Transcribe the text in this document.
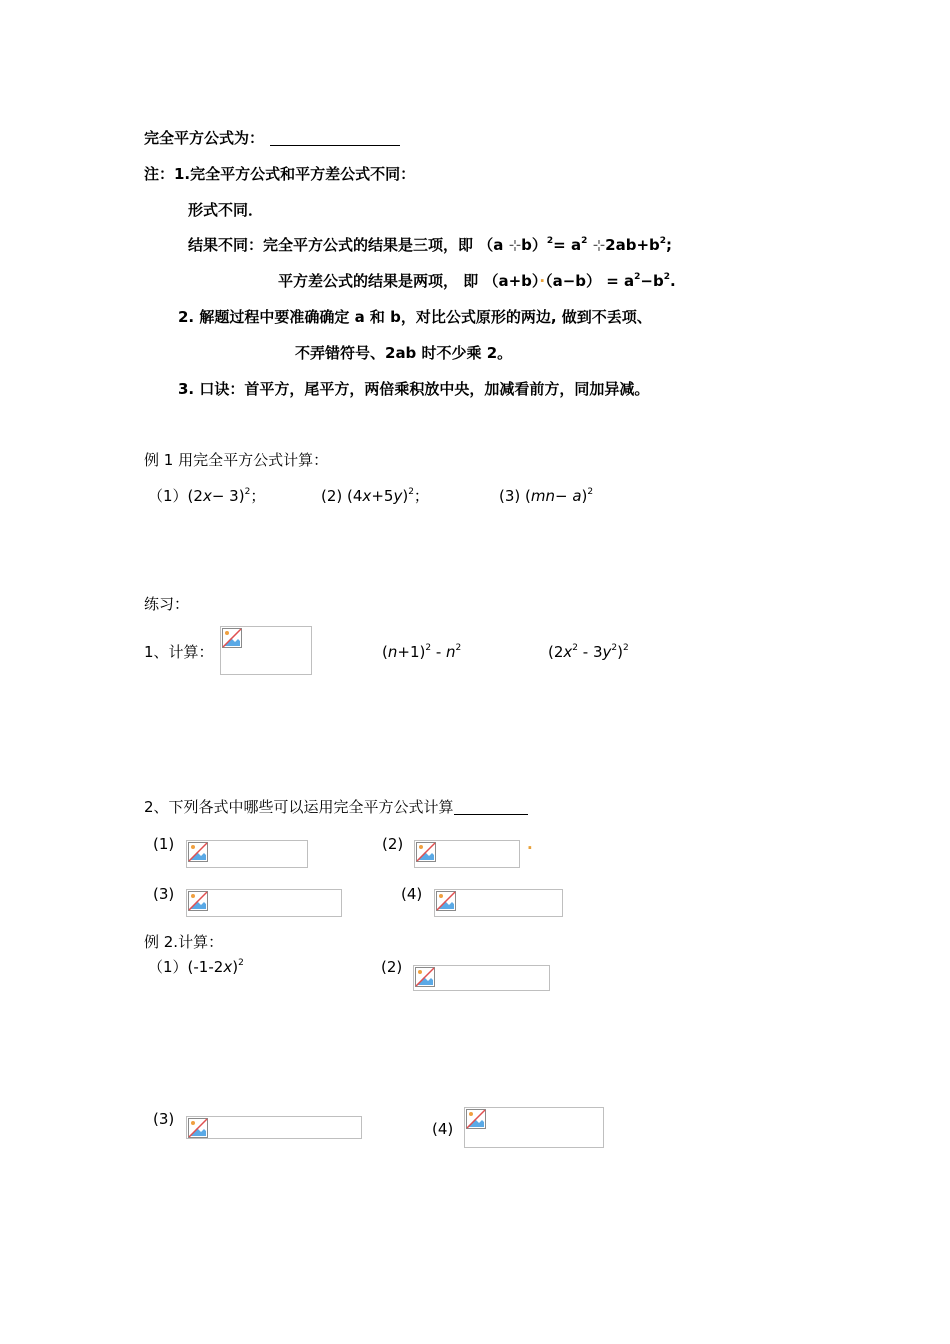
完全平方公式为：
注：1.完全平方公式和平方差公式不同：
形式不同．
结果不同：完全平方公式的结果是三项，即 （a ⊹b）$^2$= $a^2$ $⊹2ab+b^2$;
平方差公式的结果是两项， 即 $(a+b)\cdot(a-b) = a^2-b^2$.
2. 解题过程中要准确确定 a 和 b，对比公式原形的两边, 做到不丢项、
不弄错符号、2ab 时不少乘 2。
3. 口诀：首平方，尾平方，两倍乘积放中央，加减看前方，同加异减。
例 1 用完全平方公式计算：
$(1)(2x- 3)^2$；	(2) $(4x+5y)^2$；	(3) $(mn- a)^2$
练习：
1、计算：	$(n+1)^2 - n^2$	$(2x^2 - 3y^2)^2$
2、下列各式中哪些可以运用完全平方公式计算
(1)	(2)	·
(3)	(4)
例 2.计算：
$(1)(-1-2x)^2$	(2)
(3)
(4)
